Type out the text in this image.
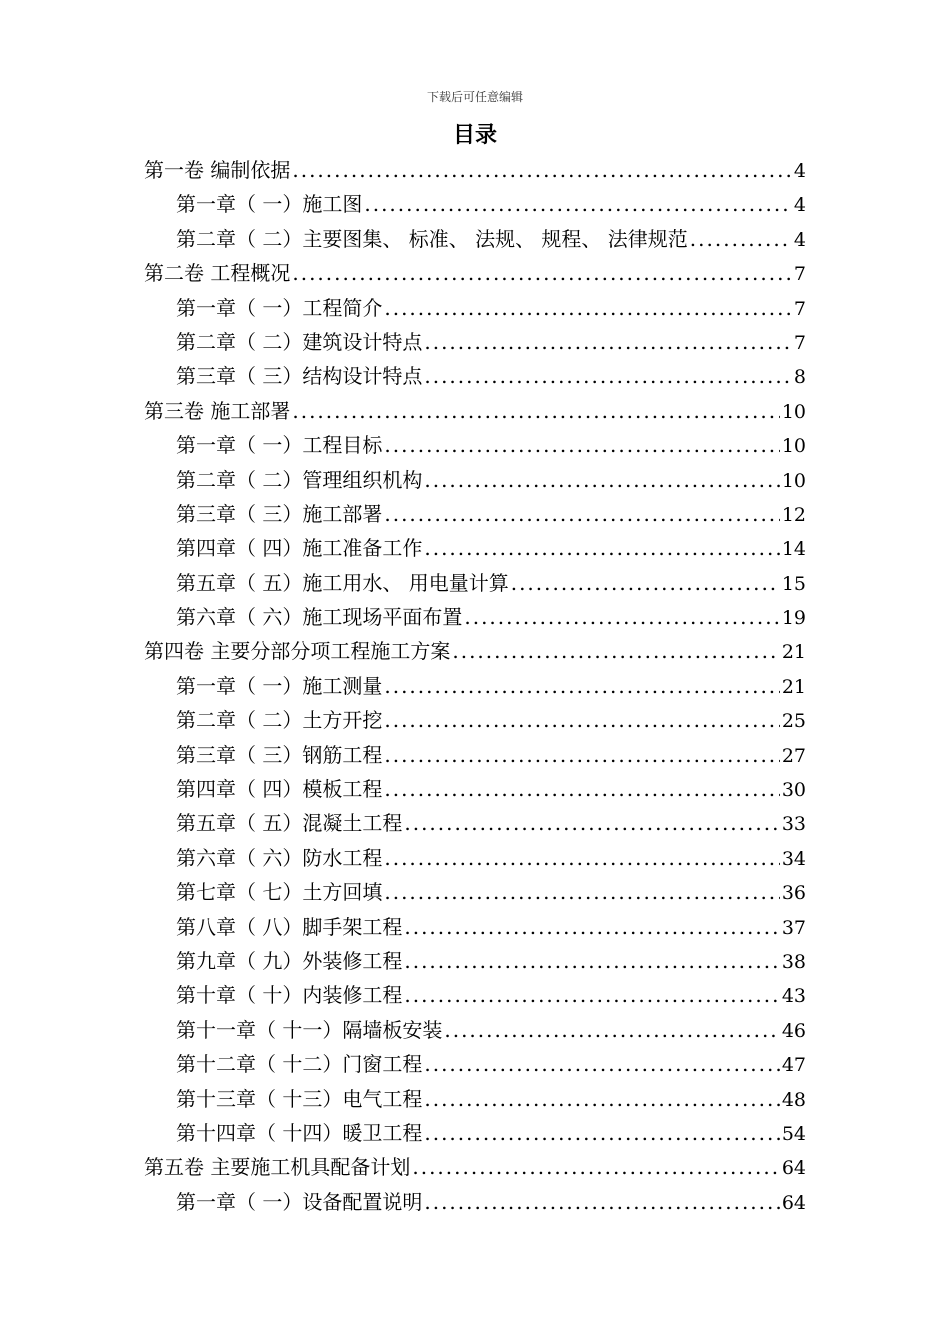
下载后可任意编辑
目录
第一卷 编制依据 .....	4
第一章（ 一）施工图 .....	4
第二章（ 二）主要图集、 标准、 法规、 规程、 法律规范 .....	4
第二卷 工程概况 .....	7
第一章（ 一）工程简介 .....	7
第二章（ 二）建筑设计特点 .....	7
第三章（ 三）结构设计特点 .....	8
第三卷 施工部署 .....	10
第一章（ 一）工程目标 .....	10
第二章（ 二）管理组织机构 .....	10
第三章（ 三）施工部署 .....	12
第四章（ 四）施工准备工作 .....	14
第五章（ 五）施工用水、 用电量计算 .....	15
第六章（ 六）施工现场平面布置 .....	19
第四卷 主要分部分项工程施工方案 .....	21
第一章（ 一）施工测量 .....	21
第二章（ 二）土方开挖 .....	25
第三章（ 三）钢筋工程 .....	27
第四章（ 四）模板工程 .....	30
第五章（ 五）混凝土工程 .....	33
第六章（ 六）防水工程 .....	34
第七章（ 七）土方回填 .....	36
第八章（ 八）脚手架工程 .....	37
第九章（ 九）外装修工程 .....	38
第十章（ 十）内装修工程 .....	43
第十一章（ 十一）隔墙板安装 .....	46
第十二章（ 十二）门窗工程 .....	47
第十三章（ 十三）电气工程 .....	48
第十四章（ 十四）暖卫工程 .....	54
第五卷 主要施工机具配备计划 .....	64
第一章（ 一）设备配置说明 .....	64
